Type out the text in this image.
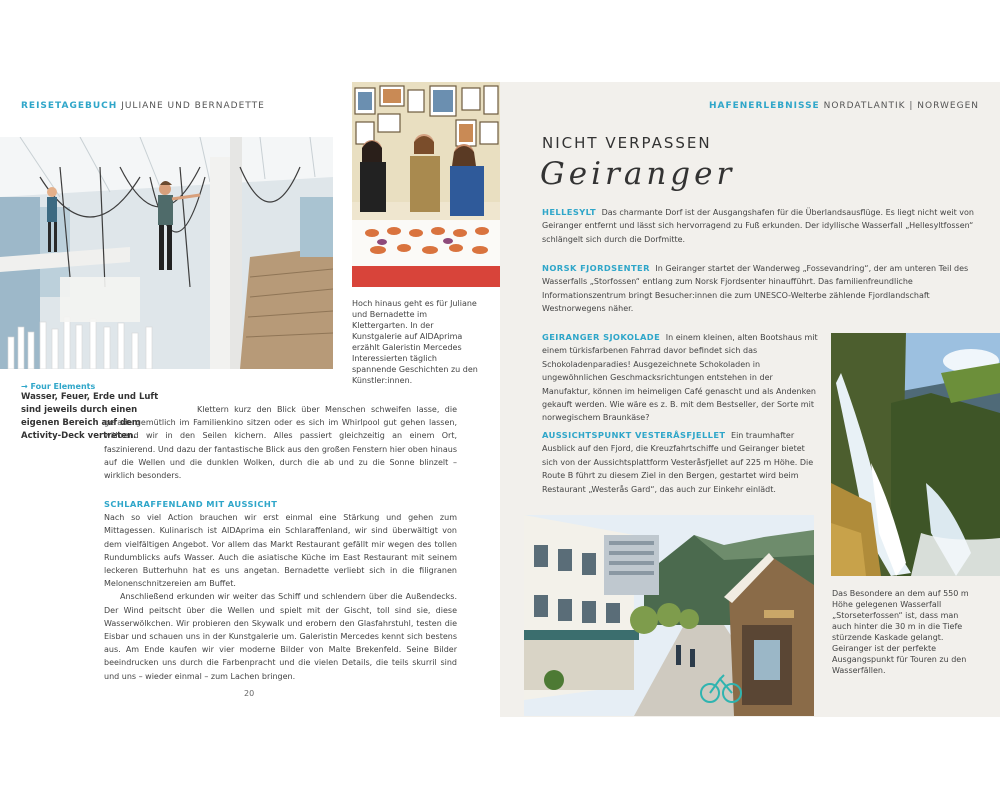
REISETAGEBUCH JULIANE UND BERNADETTE
Hoch hinaus geht es für Juliane und Bernadette im Klettergarten. In der Kunstgalerie auf AIDAprima erzählt Galeristin Mercedes Interessierten täglich spannende Geschichten zu den Künstler:innen.
→ Four Elements
Wasser, Feuer, Erde und Luft sind jeweils durch einen eigenen Bereich auf dem Activity-Deck vertreten.
Klettern kurz den Blick über Menschen schweifen lasse, die gerade gemütlich im Familienkino sitzen oder es sich im Whirlpool gut gehen lassen, während wir in den Seilen kichern. Alles passiert gleichzeitig an einem Ort, faszinierend. Und dazu der fantastische Blick aus den großen Fenstern hier oben hinaus auf die Wellen und die dunklen Wolken, durch die ab und zu die Sonne blinzelt – wirklich besonders.

SCHLARAFFENLAND MIT AUSSICHT

Nach so viel Action brauchen wir erst einmal eine Stärkung und gehen zum Mittagessen. Kulinarisch ist AIDAprima ein Schlaraffenland, wir sind überwältigt von dem vielfältigen Angebot. Vor allem das Markt Restaurant gefällt mir wegen des tollen Rundumblicks aufs Wasser. Auch die asiatische Küche im East Restaurant mit seinem leckeren Butterhuhn hat es uns angetan. Bernadette verliebt sich in die filigranen Melonenschnitzereien am Buffet.

Anschließend erkunden wir weiter das Schiff und schlendern über die Außendecks. Der Wind peitscht über die Wellen und spielt mit der Gischt, toll sind sie, diese Wasserwölkchen. Wir probieren den Skywalk und erobern den Glasfahrstuhl, testen die Eisbar und schauen uns in der Kunstgalerie um. Galeristin Mercedes kennt sich bestens aus. Am Ende kaufen wir vier moderne Bilder von Malte Brekenfeld. Seine Bilder beeindrucken uns durch die Farbenpracht und die vielen Details, die teils skurril sind und uns – wieder einmal – zum Lachen bringen.

20
HAFENERLEBNISSE NORDATLANTIK | NORWEGEN
NICHT VERPASSEN
Geiranger
HELLESYLT Das charmante Dorf ist der Ausgangshafen für die Überlandsausflüge. Es liegt nicht weit von Geiranger entfernt und lässt sich hervorragend zu Fuß erkunden. Der idyllische Wasserfall „Hellesyltfossen“ schlängelt sich durch die Dorfmitte.
NORSK FJORDSENTER In Geiranger startet der Wanderweg „Fossevandring“, der am unteren Teil des Wasserfalls „Storfossen“ entlang zum Norsk Fjordsenter hinaufführt. Das familienfreundliche Informationszentrum bringt Besucher:innen die zum UNESCO-Welterbe zählende Fjordlandschaft Westnorwegens näher.
GEIRANGER SJOKOLADE In einem kleinen, alten Bootshaus mit einem türkisfarbenen Fahrrad davor befindet sich das Schokoladenparadies! Ausgezeichnete Schokoladen in ungewöhnlichen Geschmacksrichtungen entstehen in der Manufaktur, können im heimeligen Café genascht und als Andenken gekauft werden. Wie wäre es z. B. mit dem Bestseller, der Sorte mit norwegischem Braunkäse?
AUSSICHTSPUNKT VESTERÅSFJELLET Ein traumhafter Ausblick auf den Fjord, die Kreuzfahrtschiffe und Geiranger bietet sich von der Aussichtsplattform Vesteråsfjellet auf 225 m Höhe. Die Route B führt zu diesem Ziel in den Bergen, gestartet wird beim Restaurant „Westerås Gard“, das auch zur Einkehr einlädt.
Das Besondere an dem auf 550 m Höhe gelegenen Wasserfall „Storseterfossen“ ist, dass man auch hinter die 30 m in die Tiefe stürzende Kaskade gelangt. Geiranger ist der perfekte Ausgangspunkt für Touren zu den Wasserfällen.
